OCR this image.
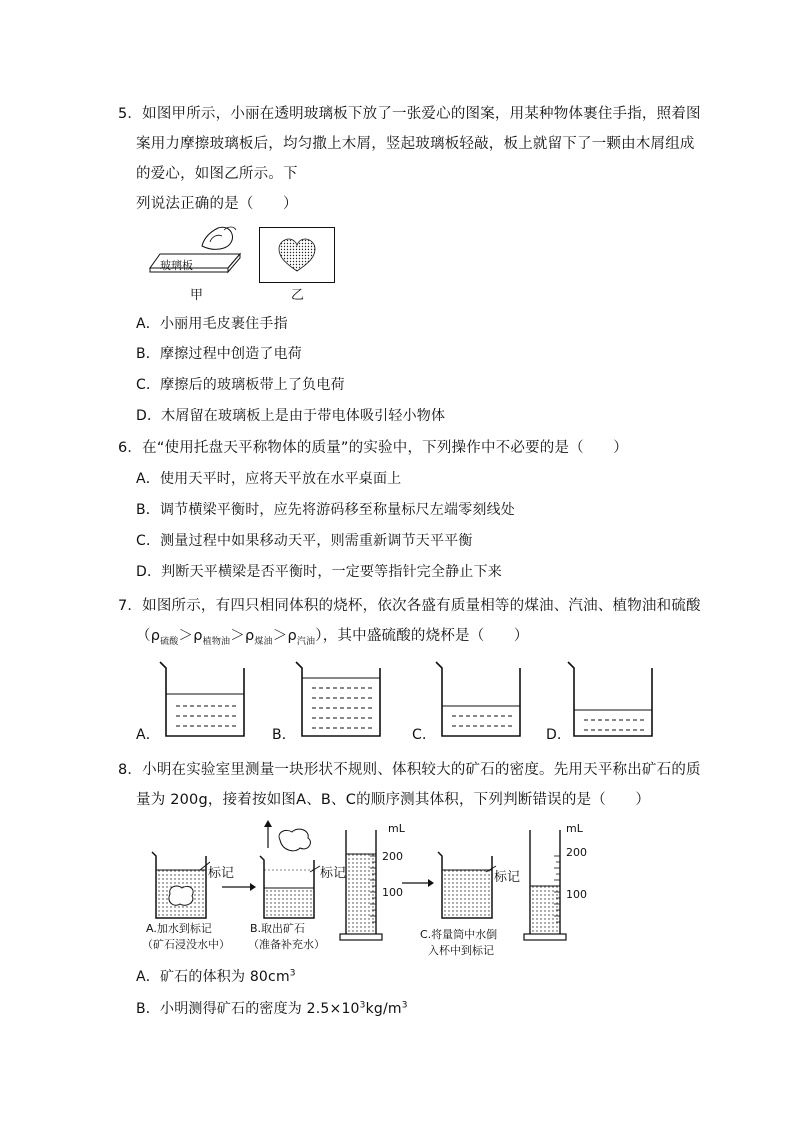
5．如图甲所示，小丽在透明玻璃板下放了一张爱心的图案，用某种物体裹住手指，照着图
案用力摩擦玻璃板后，均匀撒上木屑，竖起玻璃板轻敲，板上就留下了一颗由木屑组成
的爱心，如图乙所示。下
列说法正确的是（　　）
玻璃板
甲	乙
A．小丽用毛皮裹住手指
B．摩擦过程中创造了电荷
C．摩擦后的玻璃板带上了负电荷
D．木屑留在玻璃板上是由于带电体吸引轻小物体
6．在“使用托盘天平称物体的质量”的实验中，下列操作中不必要的是（　　）
A．使用天平时，应将天平放在水平桌面上
B．调节横梁平衡时，应先将游码移至称量标尺左端零刻线处
C．测量过程中如果移动天平，则需重新调节天平平衡
D．判断天平横梁是否平衡时，一定要等指针完全静止下来
7．如图所示，有四只相同体积的烧杯，依次各盛有质量相等的煤油、汽油、植物油和硫酸
$(\rho_{硫酸}>\rho_{植物油}>\rho_{煤油}>\rho_{汽油})$，其中盛硫酸的烧杯是（　　）
A．	B．	C．	D．
8．小明在实验室里测量一块形状不规则、体积较大的矿石的密度。先用天平称出矿石的质
量为 200g，接着按如图A、B、C的顺序测其体积，下列判断错误的是（　　）
标记
A.加水到标记
（矿石浸没水中）
标记
B.取出矿石
（准备补充水）
mL
200
100
标记
C.将量筒中水倒
入杯中到标记
mL
200
100
A．矿石的体积为 $80cm^3$
B．小明测得矿石的密度为 $2.5\times 10^3kg/m^3$
